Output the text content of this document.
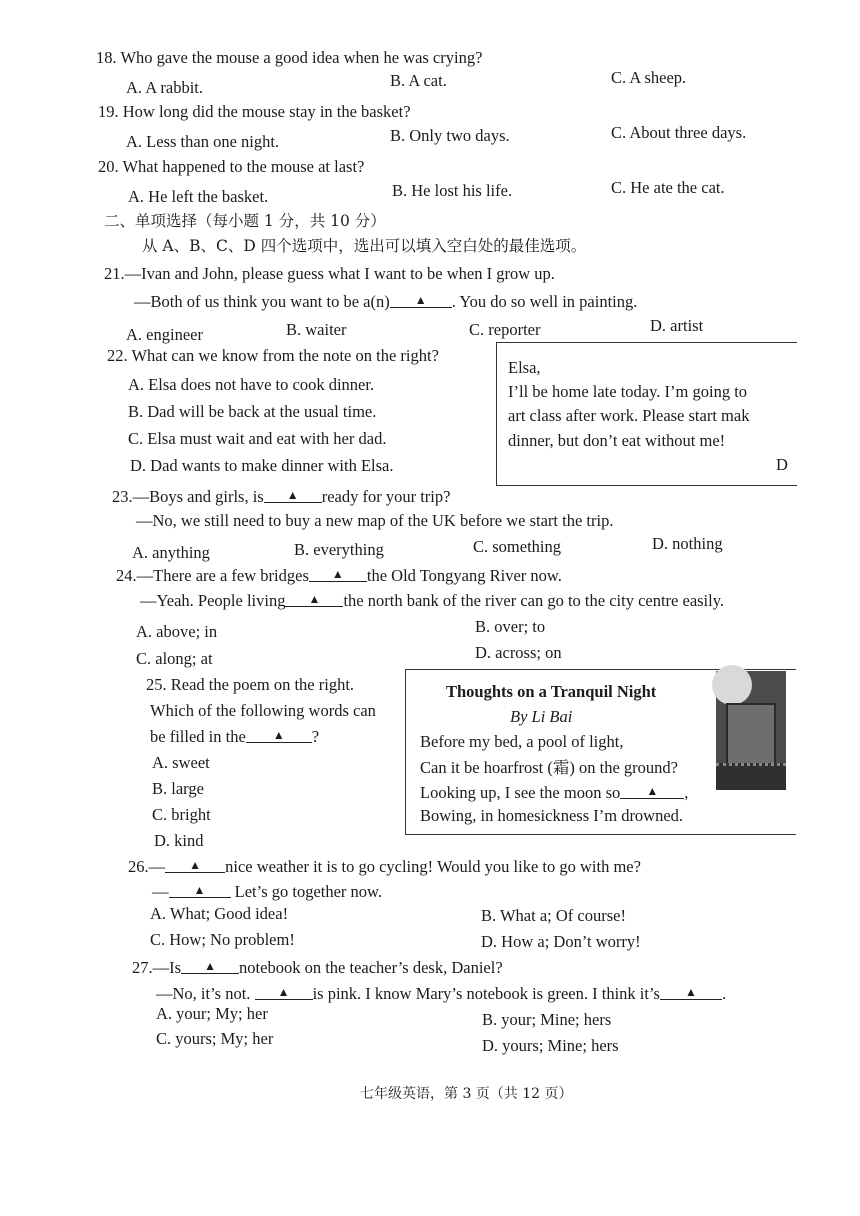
18. Who gave the mouse a good idea when he was crying?
A. A rabbit.	B. A cat.	C. A sheep.
19. How long did the mouse stay in the basket?
A. Less than one night.	B. Only two days.	C. About three days.
20. What happened to the mouse at last?
A. He left the basket.	B. He lost his life.	C. He ate the cat.
二、单项选择（每小题 1 分，共 10 分）
从 A、B、C、D 四个选项中，选出可以填入空白处的最佳选项。
21.—Ivan and John, please guess what I want to be when I grow up.
—Both of us think you want to be a(n) ▲ . You do so well in painting.
A. engineer	B. waiter	C. reporter	D. artist
22. What can we know from the note on the right?
A. Elsa does not have to cook dinner.
B. Dad will be back at the usual time.
C. Elsa must wait and eat with her dad.
D. Dad wants to make dinner with Elsa.
Elsa,
I’ll be home late today. I’m going to
art class after work. Please start mak
dinner, but don’t eat without me!
D
23.—Boys and girls, is ▲ ready for your trip?
—No, we still need to buy a new map of the UK before we start the trip.
A. anything	B. everything	C. something	D. nothing
24.—There are a few bridges ▲ the Old Tongyang River now.
—Yeah. People living ▲ the north bank of the river can go to the city centre easily.
A. above; in	B. over; to
C. along; at	D. across; on
25. Read the poem on the right.
Which of the following words can
be filled in the ▲ ?
A. sweet
B. large
C. bright
D. kind
Thoughts on a Tranquil Night
By Li Bai
Before my bed, a pool of light,
Can it be hoarfrost (霜) on the ground?
Looking up, I see the moon so ▲ ,
Bowing, in homesickness I’m drowned.
26.— ▲ nice weather it is to go cycling! Would you like to go with me?
— ▲ Let’s go together now.
A. What; Good idea!	B. What a; Of course!
C. How; No problem!	D. How a; Don’t worry!
27.—Is ▲ notebook on the teacher’s desk, Daniel?
—No, it’s not. ▲ is pink. I know Mary’s notebook is green. I think it’s ▲ .
A. your; My; her	B. your; Mine; hers
C. yours; My; her	D. yours; Mine; hers
七年级英语，第 3 页（共 12 页）
